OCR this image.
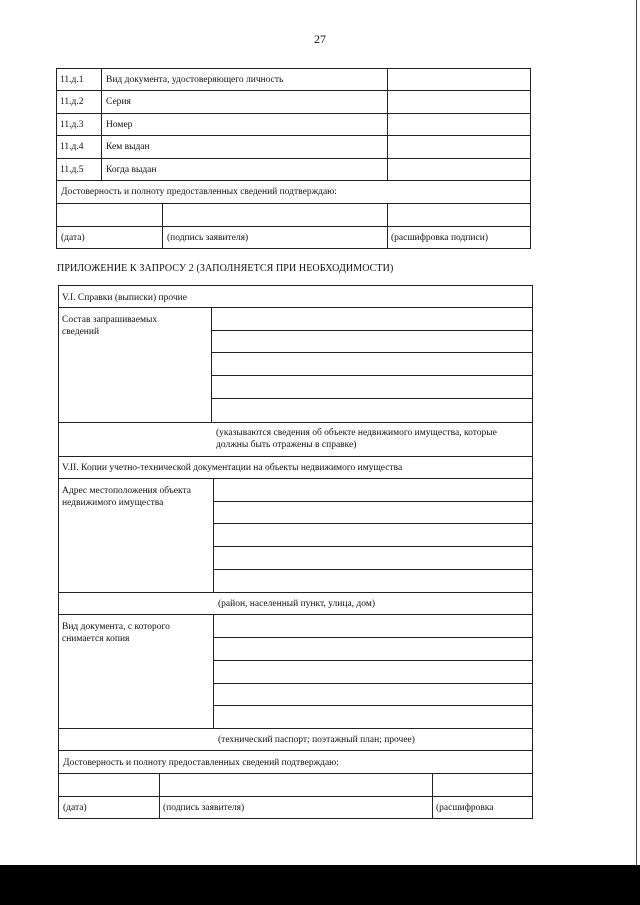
27
11.д.1 Вид документа, удостоверяющего личность
11.д.2 Серия
11.д.3 Номер
11.д.4 Кем выдан
11.д.5 Когда выдан
Достоверность и полноту предоставленных сведений подтверждаю:
(дата)	(подпись заявителя)	(расшифровка подписи)
ПРИЛОЖЕНИЕ К ЗАПРОСУ 2 (ЗАПОЛНЯЕТСЯ ПРИ НЕОБХОДИМОСТИ)
V.I. Справки (выписки) прочие
Состав запрашиваемых сведений
(указываются сведения об объекте недвижимого имущества, которые должны быть отражены в справке)
V.II. Копии учетно-технической документации на объекты недвижимого имущества
Адрес местоположения объекта недвижимого имущества
(район, населенный пункт, улица, дом)
Вид документа, с которого снимается копия
(технический паспорт; поэтажный план; прочее)
Достоверность и полноту предоставленных сведений подтверждаю:
(дата)	(подпись заявителя)	(расшифровка
